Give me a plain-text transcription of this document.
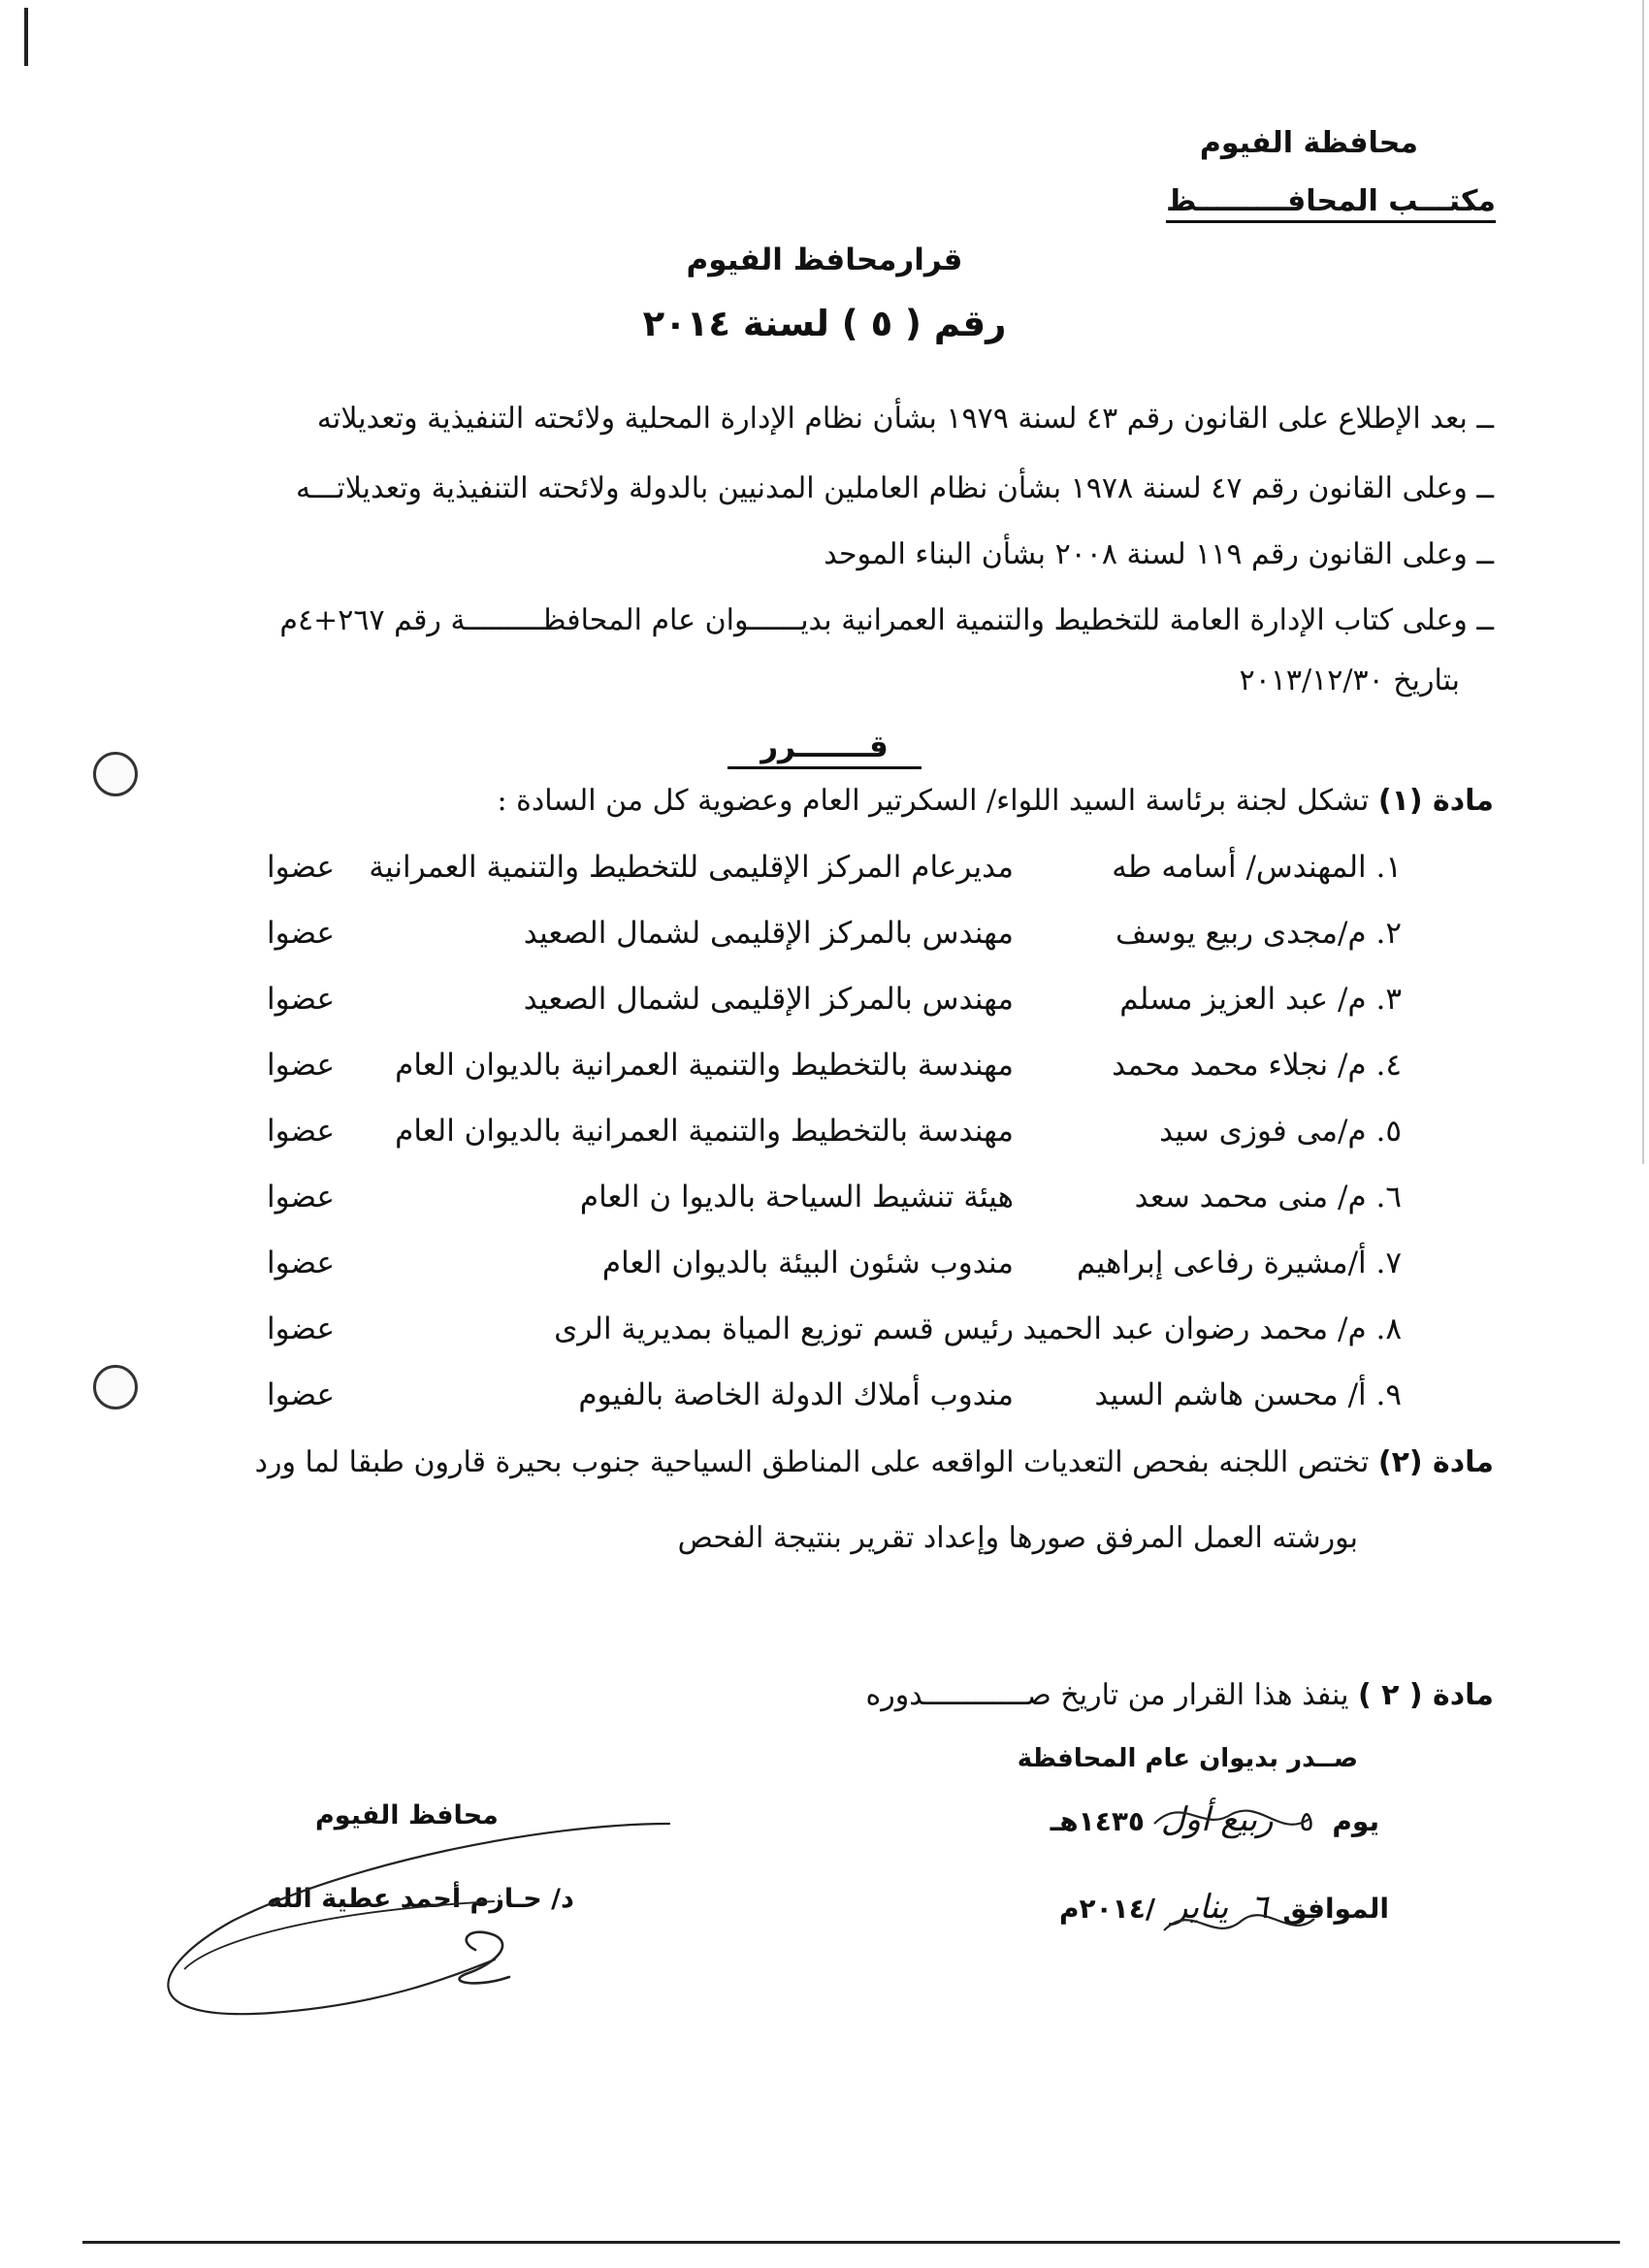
محافظة الفيوم
مكتـــب المحافـــــــــظ
قرارمحافظ الفيوم
رقم ( ٥ ) لسنة ٢٠١٤
ــ بعد الإطلاع على القانون رقم ٤٣ لسنة ١٩٧٩ بشأن نظام الإدارة المحلية ولائحته التنفيذية وتعديلاته
ــ وعلى القانون رقم ٤٧ لسنة ١٩٧٨ بشأن نظام العاملين المدنيين بالدولة ولائحته التنفيذية وتعديلاتـــه
ــ وعلى القانون رقم ١١٩ لسنة ٢٠٠٨ بشأن البناء الموحد
ــ وعلى كتاب الإدارة العامة للتخطيط والتنمية العمرانية بديــــــوان عام المحافظـــــــــة رقم ٢٦٧+٤م
بتاريخ ٢٠١٣/١٢/٣٠
قـــــــرر
مادة (١) تشكل لجنة برئاسة السيد اللواء/ السكرتير العام وعضوية كل من السادة :
١. المهندس/ أسامه طه
مديرعام المركز الإقليمى للتخطيط والتنمية العمرانية
عضوا
٢. م/مجدى ربيع يوسف
مهندس بالمركز الإقليمى لشمال الصعيد
عضوا
٣. م/ عبد العزيز مسلم
مهندس بالمركز الإقليمى لشمال الصعيد
عضوا
٤. م/ نجلاء محمد محمد
مهندسة بالتخطيط والتنمية العمرانية بالديوان العام
عضوا
٥. م/مى فوزى سيد
مهندسة بالتخطيط والتنمية العمرانية بالديوان العام
عضوا
٦. م/ منى محمد سعد
هيئة تنشيط السياحة بالديوا ن العام
عضوا
٧. أ/مشيرة رفاعى إبراهيم
مندوب شئون البيئة بالديوان العام
عضوا
٨. م/ محمد رضوان عبد الحميد
رئيس قسم توزيع المياة بمديرية الرى
عضوا
٩. أ/ محسن هاشم السيد
مندوب أملاك الدولة الخاصة بالفيوم
عضوا
مادة (٢) تختص اللجنه بفحص التعديات الواقعه على المناطق السياحية جنوب بحيرة قارون طبقا لما ورد
بورشته العمل المرفق صورها وإعداد تقرير بنتيجة الفحص
مادة ( ٢ ) ينفذ هذا القرار من تاريخ صــــــــــــدوره
صــدر بديوان عام المحافظة
يوم ٥ ربيع أول ١٤٣٥هـ
الموافق ٦ يناير /٢٠١٤م
محافظ الفيوم
د/ حـازم أحمد عطية الله
